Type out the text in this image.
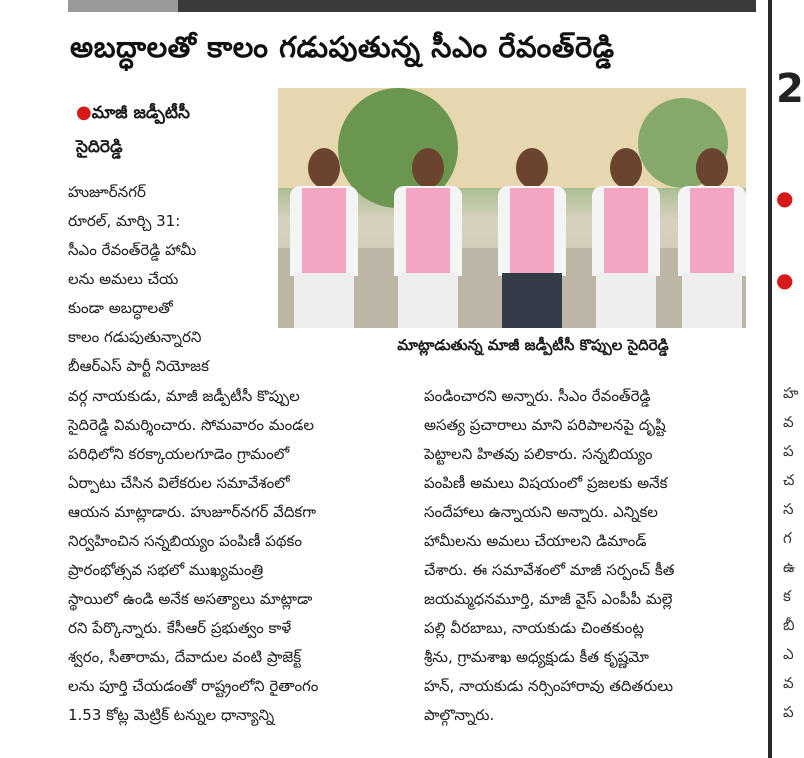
అబద్ధాలతో కాలం గడుపుతున్న సీఎం రేవంత్‌రెడ్డి
●మాజీ జడ్పీటీసీ
సైదిరెడ్డి
మాట్లాడుతున్న మాజీ జడ్పీటీసీ కొప్పుల సైదిరెడ్డి
హుజూర్‌నగర్
రూరల్‌, మార్చి 31:
సీఎం రేవంత్‌రెడ్డి హామీ
లను అమలు చేయ
కుండా అబద్ధాలతో
కాలం గడుపుతున్నారని
బీఆర్‌ఎస్‌ పార్టీ నియోజక
వర్గ నాయకుడు, మాజీ జడ్పీటీసీ కొప్పుల
సైదిరెడ్డి విమర్శించారు. సోమవారం మండల
పరిధిలోని కరక్కాయలగూడెం గ్రామంలో
ఏర్పాటు చేసిన విలేకరుల సమావేశంలో
ఆయన మాట్లాడారు. హుజూర్‌నగర్‌ వేదికగా
నిర్వహించిన సన్నబియ్యం పంపిణీ పథకం
ప్రారంభోత్సవ సభలో ముఖ్యమంత్రి
స్థాయిలో ఉండి అనేక అసత్యాలు మాట్లాడా
రని పేర్కొన్నారు. కేసీఆర్‌ ప్రభుత్వం కాళే
శ్వరం, సీతారామ, దేవాదుల వంటి ప్రాజెక్ట్‌
లను పూర్తి చేయడంతో రాష్ట్రంలోని రైతాంగం
1.53 కోట్ల మెట్రిక్‌ టన్నుల ధాన్యాన్ని
పండించారని అన్నారు. సీఎం రేవంత్‌రెడ్డి
అసత్య ప్రచారాలు మాని పరిపాలనపై దృష్టి
పెట్టాలని హితవు పలికారు. సన్నబియ్యం
పంపిణీ అమలు విషయంలో ప్రజలకు అనేక
సందేహాలు ఉన్నాయని అన్నారు. ఎన్నికల
హామీలను అమలు చేయాలని డిమాండ్‌
చేశారు. ఈ సమావేశంలో మాజీ సర్పంచ్‌ కీత
జయమ్మధనమూర్తి, మాజీ వైస్‌ ఎంపీపీ మల్లె
పల్లి వీరబాబు, నాయకుడు చింతకుంట్ల
శ్రీను, గ్రామశాఖ అధ్యక్షుడు కీత కృష్ణమో
హన్‌, నాయకుడు నర్సింహారావు తదితరులు
పాల్గొన్నారు.
2
●
●
హ
వ
ప
చ
స
గ
ఉ
క
బీ
ఎ
వ
ప
